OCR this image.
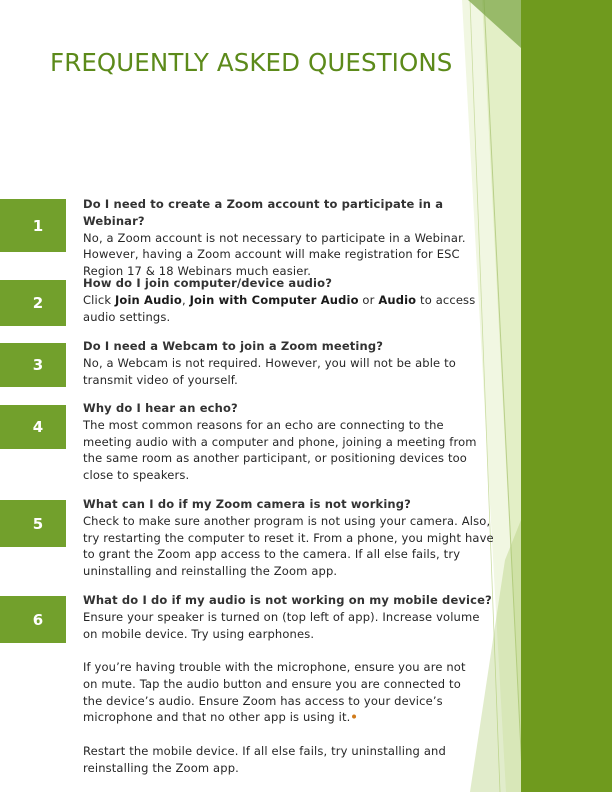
FREQUENTLY ASKED QUESTIONS
1
2
3
4
5
6
Do I need to create a Zoom account to participate in a Webinar?
No, a Zoom account is not necessary to participate in a Webinar. However, having a Zoom account will make registration for ESC Region 17 & 18 Webinars much easier.
How do I join computer/device audio?
Click Join Audio, Join with Computer Audio or Audio to access audio settings.
Do I need a Webcam to join a Zoom meeting?
No, a Webcam is not required. However, you will not be able to transmit video of yourself.
Why do I hear an echo?
The most common reasons for an echo are connecting to the meeting audio with a computer and phone, joining a meeting from the same room as another participant, or positioning devices too close to speakers.
What can I do if my Zoom camera is not working?
Check to make sure another program is not using your camera. Also, try restarting the computer to reset it. From a phone, you might have to grant the Zoom app access to the camera. If all else fails, try uninstalling and reinstalling the Zoom app.
What do I do if my audio is not working on my mobile device?
Ensure your speaker is turned on (top left of app). Increase volume on mobile device. Try using earphones.
If you’re having trouble with the microphone, ensure you are not on mute. Tap the audio button and ensure you are connected to the device’s audio. Ensure Zoom has access to your device’s microphone and that no other app is using it.•
Restart the mobile device. If all else fails, try uninstalling and reinstalling the Zoom app.
